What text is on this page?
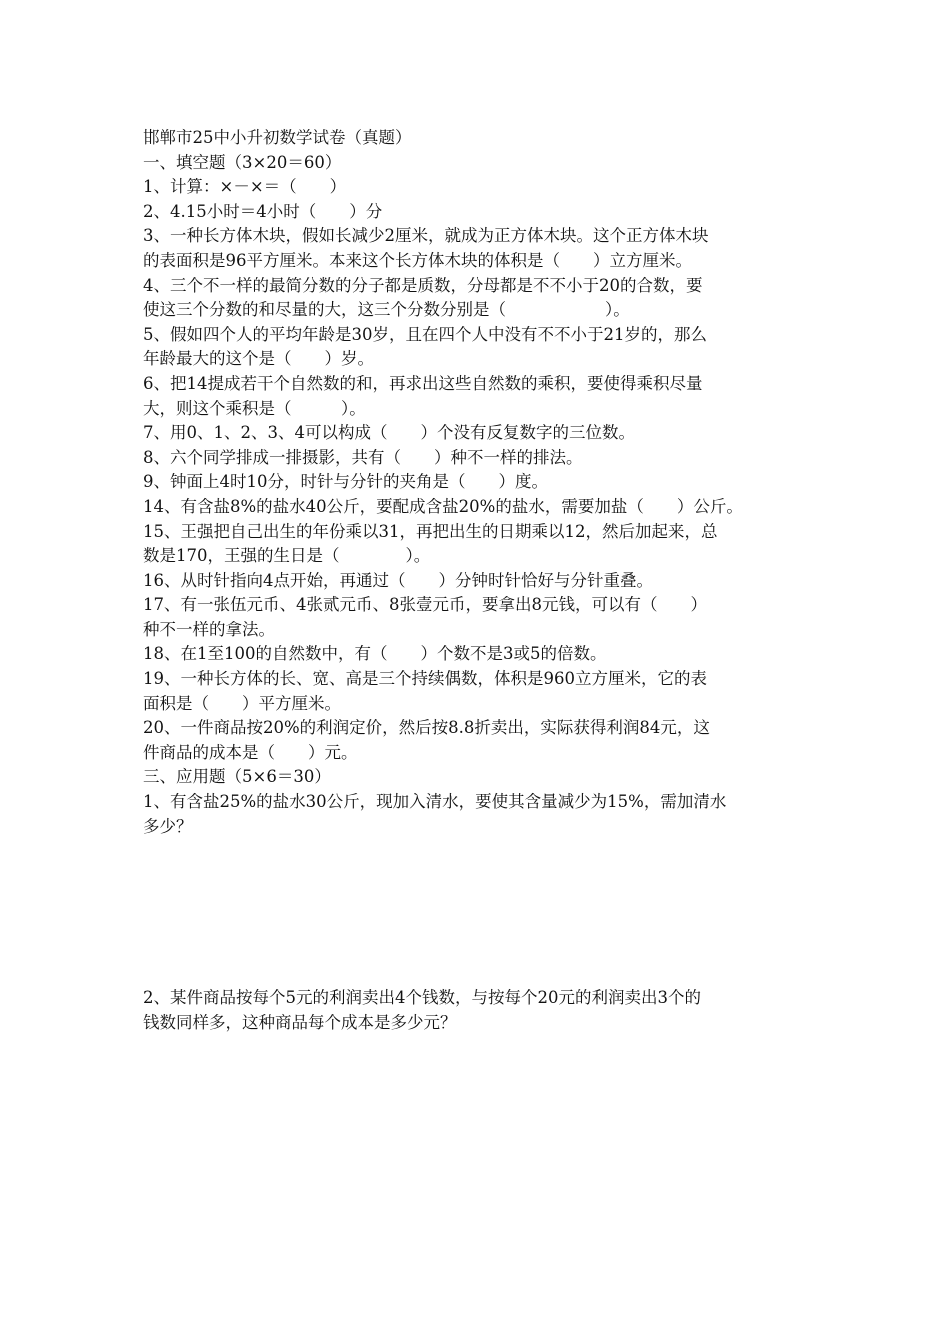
邯郸市25中小升初数学试卷（真题）

一、填空题（3×20＝60）

1、计算：×－×＝（　　）

2、4.15小时＝4小时（　　）分

3、一种长方体木块，假如长减少2厘米，就成为正方体木块。这个正方体木块

的表面积是96平方厘米。本来这个长方体木块的体积是（　　）立方厘米。

4、三个不一样的最简分数的分子都是质数，分母都是不不小于20的合数，要

使这三个分数的和尽量的大，这三个分数分别是（　　　　　　）。

5、假如四个人的平均年龄是30岁，且在四个人中没有不不小于21岁的，那么

年龄最大的这个是（　　）岁。

6、把14提成若干个自然数的和，再求出这些自然数的乘积，要使得乘积尽量

大，则这个乘积是（　　　）。

7、用0、1、2、3、4可以构成（　　）个没有反复数字的三位数。

8、六个同学排成一排摄影，共有（　　）种不一样的排法。

9、钟面上4时10分，时针与分针的夹角是（　　）度。

14、有含盐8%的盐水40公斤，要配成含盐20%的盐水，需要加盐（　　）公斤。

15、王强把自己出生的年份乘以31，再把出生的日期乘以12，然后加起来，总

数是170，王强的生日是（　　　　）。

16、从时针指向4点开始，再通过（　　）分钟时针恰好与分针重叠。

17、有一张伍元币、4张贰元币、8张壹元币，要拿出8元钱，可以有（　　）

种不一样的拿法。

18、在1至100的自然数中，有（　　）个数不是3或5的倍数。

19、一种长方体的长、宽、高是三个持续偶数，体积是960立方厘米，它的表

面积是（　　）平方厘米。

20、一件商品按20%的利润定价，然后按8.8折卖出，实际获得利润84元，这

件商品的成本是（　　）元。

三、应用题（5×6＝30）

1、有含盐25%的盐水30公斤，现加入清水，要使其含量减少为15%，需加清水

多少？

2、某件商品按每个5元的利润卖出4个钱数，与按每个20元的利润卖出3个的

钱数同样多，这种商品每个成本是多少元？
